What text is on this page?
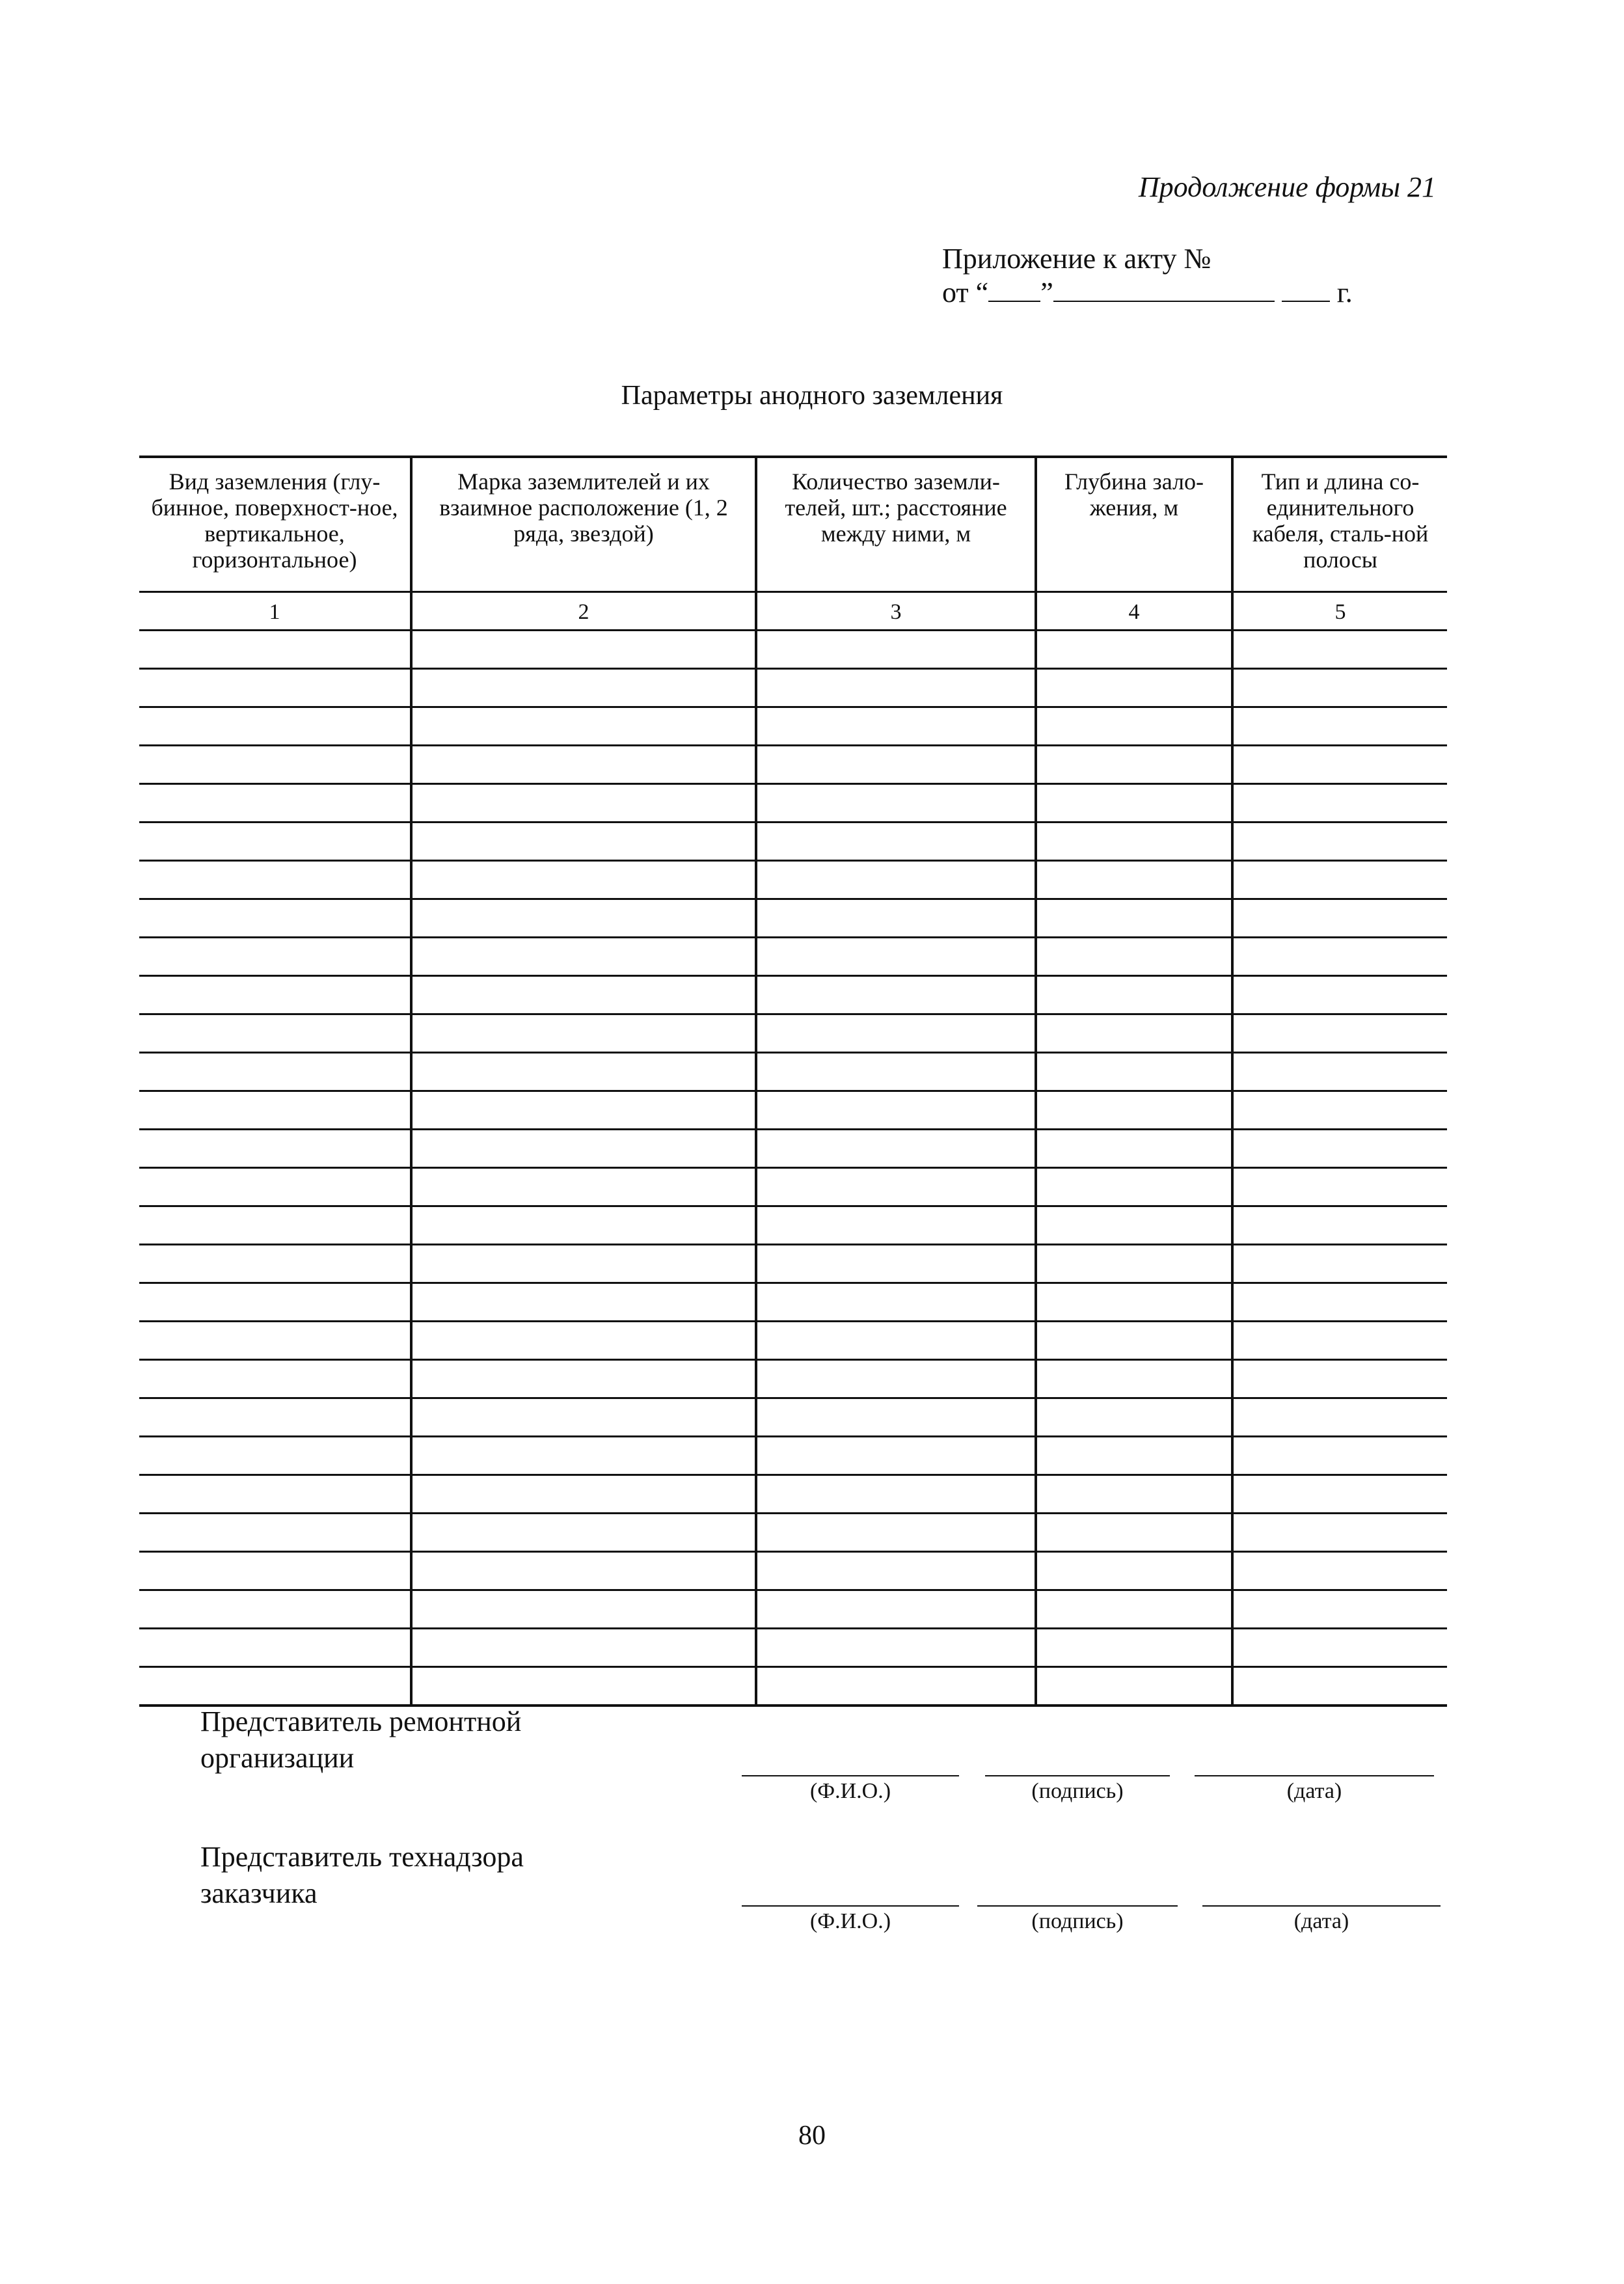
Продолжение формы 21
Приложение к акту №
от “ ”	г.
Параметры анодного заземления
Вид заземления (глу-бинное, поверхност-ное, вертикальное, горизонтальное)	Марка заземлителей и их взаимное расположение (1, 2 ряда, звездой)	Количество заземли-телей, шт.; расстояние между ними, м	Глубина зало-жения, м	Тип и длина со-единительного кабеля, сталь-ной полосы
1	2	3	4	5

Представитель ремонтной
организации
(Ф.И.О.)	(подпись)	(дата)
Представитель технадзора
заказчика
(Ф.И.О.)	(подпись)	(дата)
80
